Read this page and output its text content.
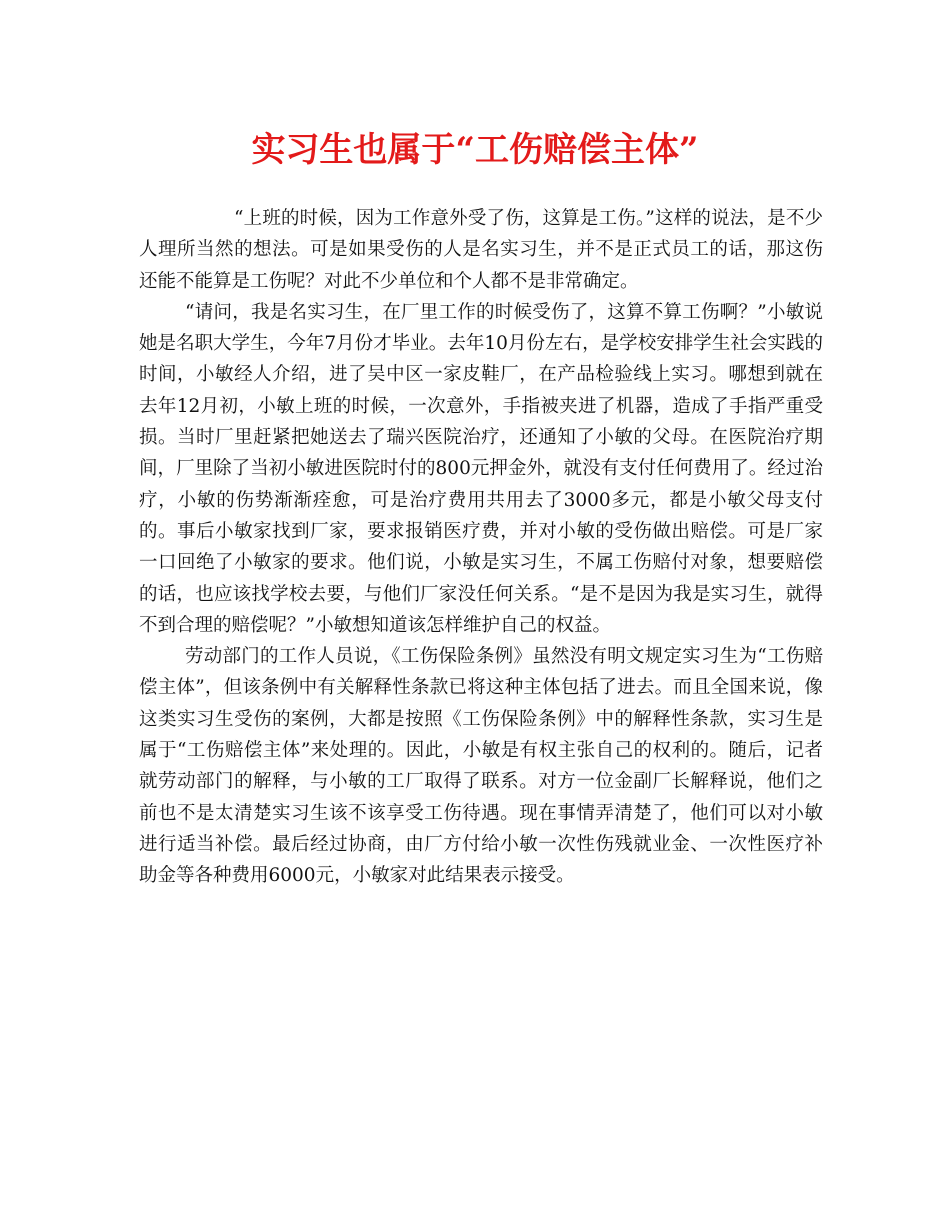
实习生也属于“工伤赔偿主体”

“上班的时候，因为工作意外受了伤，这算是工伤。”这样的说法，是不少人理所当然的想法。可是如果受伤的人是名实习生，并不是正式员工的话，那这伤还能不能算是工伤呢？对此不少单位和个人都不是非常确定。

“请问，我是名实习生，在厂里工作的时候受伤了，这算不算工伤啊？”小敏说她是名职大学生，今年7月份才毕业。去年10月份左右，是学校安排学生社会实践的时间，小敏经人介绍，进了吴中区一家皮鞋厂，在产品检验线上实习。哪想到就在去年12月初，小敏上班的时候，一次意外，手指被夹进了机器，造成了手指严重受损。当时厂里赶紧把她送去了瑞兴医院治疗，还通知了小敏的父母。在医院治疗期间，厂里除了当初小敏进医院时付的800元押金外，就没有支付任何费用了。经过治疗，小敏的伤势渐渐痊愈，可是治疗费用共用去了3000多元，都是小敏父母支付的。事后小敏家找到厂家，要求报销医疗费，并对小敏的受伤做出赔偿。可是厂家一口回绝了小敏家的要求。他们说，小敏是实习生，不属工伤赔付对象，想要赔偿的话，也应该找学校去要，与他们厂家没任何关系。“是不是因为我是实习生，就得不到合理的赔偿呢？”小敏想知道该怎样维护自己的权益。

劳动部门的工作人员说，《工伤保险条例》虽然没有明文规定实习生为“工伤赔偿主体”，但该条例中有关解释性条款已将这种主体包括了进去。而且全国来说，像这类实习生受伤的案例，大都是按照《工伤保险条例》中的解释性条款，实习生是属于“工伤赔偿主体”来处理的。因此，小敏是有权主张自己的权利的。随后，记者就劳动部门的解释，与小敏的工厂取得了联系。对方一位金副厂长解释说，他们之前也不是太清楚实习生该不该享受工伤待遇。现在事情弄清楚了，他们可以对小敏进行适当补偿。最后经过协商，由厂方付给小敏一次性伤残就业金、一次性医疗补助金等各种费用6000元，小敏家对此结果表示接受。
